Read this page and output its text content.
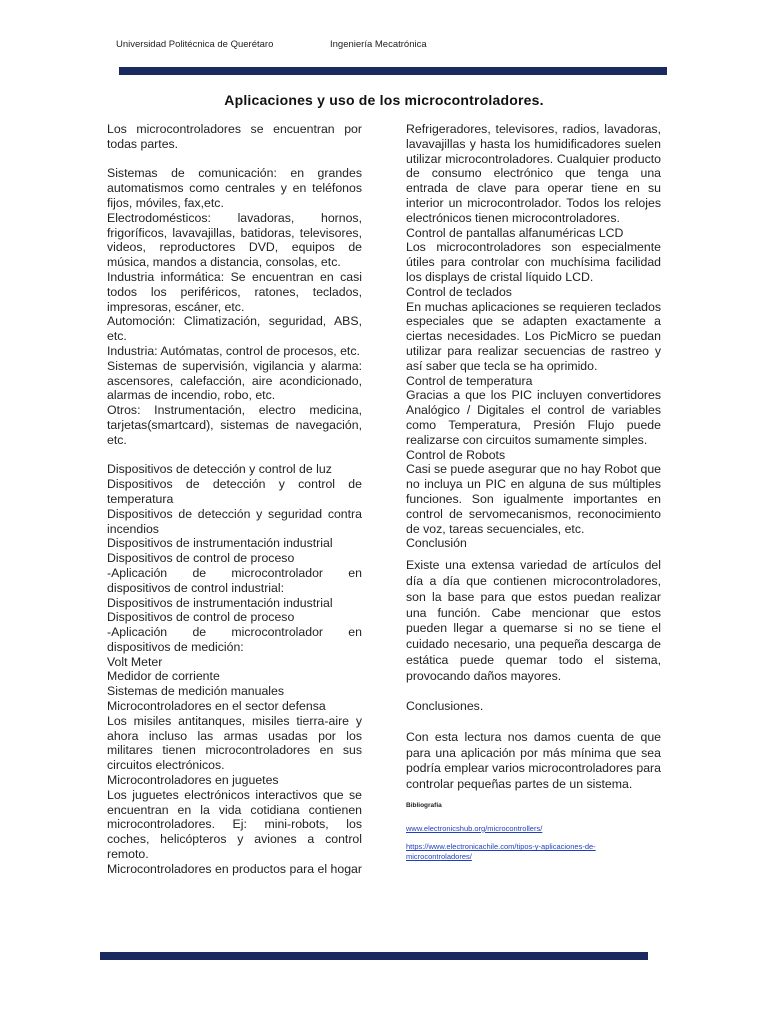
Universidad Politécnica de Querétaro	Ingeniería Mecatrónica
Aplicaciones y uso de los microcontroladores.

Los microcontroladores se encuentran por todas partes.

Sistemas de comunicación: en grandes automatismos como centrales y en teléfonos fijos, móviles, fax,etc.

Electrodomésticos: lavadoras, hornos, frigoríficos, lavavajillas, batidoras, televisores, videos, reproductores DVD, equipos de música, mandos a distancia, consolas, etc.

Industria informática: Se encuentran en casi todos los periféricos, ratones, teclados, impresoras, escáner, etc.

Automoción: Climatización, seguridad, ABS, etc.

Industria: Autómatas, control de procesos, etc.

Sistemas de supervisión, vigilancia y alarma: ascensores, calefacción, aire acondicionado, alarmas de incendio, robo, etc.

Otros: Instrumentación, electro medicina, tarjetas(smartcard), sistemas de navegación, etc.

Dispositivos de detección y control de luz

Dispositivos de detección y control de temperatura

Dispositivos de detección y seguridad contra incendios

Dispositivos de instrumentación industrial

Dispositivos de control de proceso

-Aplicación de microcontrolador en dispositivos de control industrial:

Dispositivos de instrumentación industrial

Dispositivos de control de proceso

-Aplicación de microcontrolador en dispositivos de medición:

Volt Meter

Medidor de corriente

Sistemas de medición manuales

Microcontroladores en el sector defensa

Los misiles antitanques, misiles tierra-aire y ahora incluso las armas usadas por los militares tienen microcontroladores en sus circuitos electrónicos.

Microcontroladores en juguetes

Los juguetes electrónicos interactivos que se encuentran en la vida cotidiana contienen microcontroladores. Ej: mini-robots, los coches, helicópteros y aviones a control remoto.

Microcontroladores en productos para el hogar

Refrigeradores, televisores, radios, lavadoras, lavavajillas y hasta los humidificadores suelen utilizar microcontroladores. Cualquier producto de consumo electrónico que tenga una entrada de clave para operar tiene en su interior un microcontrolador. Todos los relojes electrónicos tienen microcontroladores.

Control de pantallas alfanuméricas LCD

Los microcontroladores son especialmente útiles para controlar con muchísima facilidad los displays de cristal líquido LCD.

Control de teclados

En muchas aplicaciones se requieren teclados especiales que se adapten exactamente a ciertas necesidades. Los PicMicro se puedan utilizar para realizar secuencias de rastreo y así saber que tecla se ha oprimido.

Control de temperatura

Gracias a que los PIC incluyen convertidores Analógico / Digitales el control de variables como Temperatura, Presión Flujo puede realizarse con circuitos sumamente simples.

Control de Robots

Casi se puede asegurar que no hay Robot que no incluya un PIC en alguna de sus múltiples funciones. Son igualmente importantes en control de servomecanismos, reconocimiento de voz, tareas secuenciales, etc.

Conclusión

Existe una extensa variedad de artículos del día a día que contienen microcontroladores, son la base para que estos puedan realizar una función. Cabe mencionar que estos pueden llegar a quemarse si no se tiene el cuidado necesario, una pequeña descarga de estática puede quemar todo el sistema, provocando daños mayores.

Conclusiones.

Con esta lectura nos damos cuenta de que para una aplicación por más mínima que sea podría emplear varios microcontroladores para controlar pequeñas partes de un sistema.

Bibliografía
www.electronicshub.org/microcontrollers/
https://www.electronicachile.com/tipos-y-aplicaciones-de-microcontroladores/
